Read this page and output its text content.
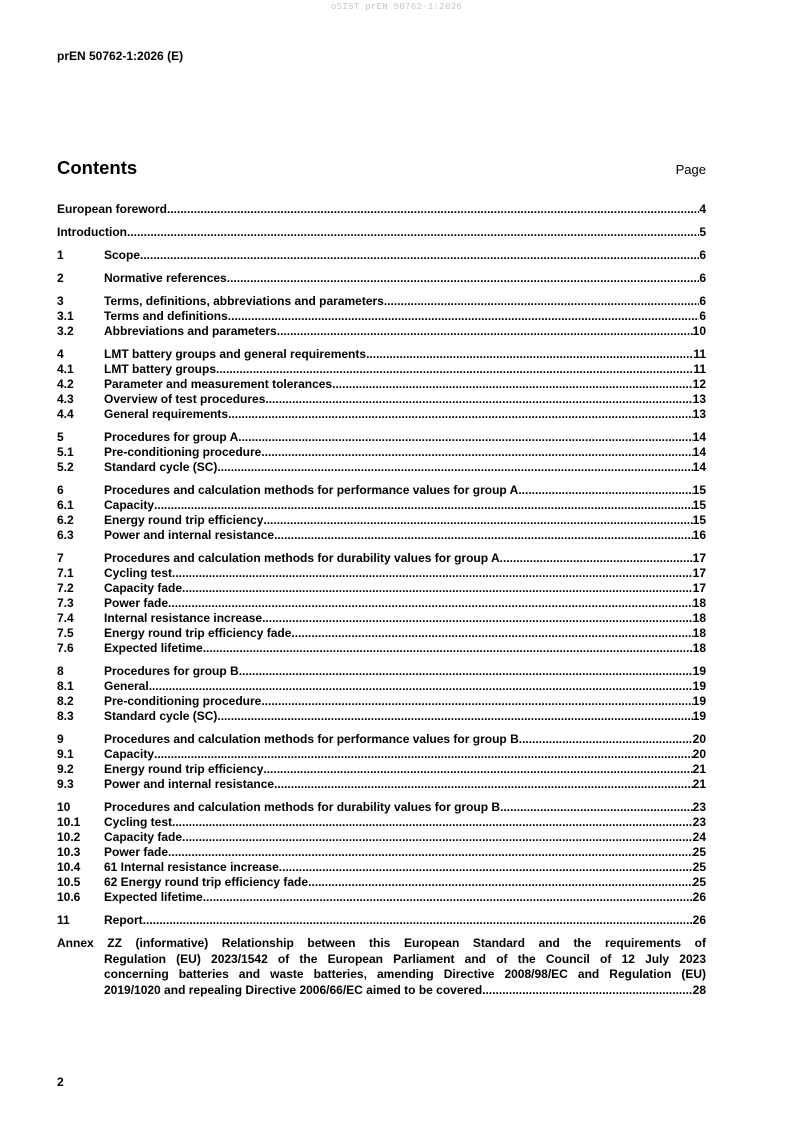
oSIST prEN 50762-1:2026
prEN 50762-1:2026 (E)
Contents	Page
European foreword .....	4
Introduction .....	5
1	Scope .....	6
2	Normative references .....	6
3	Terms, definitions, abbreviations and parameters .....	6
3.1	Terms and definitions .....	6
3.2	Abbreviations and parameters .....	10
4	LMT battery groups and general requirements .....	11
4.1	LMT battery groups .....	11
4.2	Parameter and measurement tolerances .....	12
4.3	Overview of test procedures .....	13
4.4	General requirements .....	13
5	Procedures for group A .....	14
5.1	Pre-conditioning procedure .....	14
5.2	Standard cycle (SC) .....	14
6	Procedures and calculation methods for performance values for group A .....	15
6.1	Capacity .....	15
6.2	Energy round trip efficiency .....	15
6.3	Power and internal resistance .....	16
7	Procedures and calculation methods for durability values for group A .....	17
7.1	Cycling test .....	17
7.2	Capacity fade .....	17
7.3	Power fade .....	18
7.4	Internal resistance increase .....	18
7.5	Energy round trip efficiency fade .....	18
7.6	Expected lifetime .....	18
8	Procedures for group B .....	19
8.1	General .....	19
8.2	Pre-conditioning procedure .....	19
8.3	Standard cycle (SC) .....	19
9	Procedures and calculation methods for performance values for group B .....	20
9.1	Capacity .....	20
9.2	Energy round trip efficiency .....	21
9.3	Power and internal resistance .....	21
10	Procedures and calculation methods for durability values for group B .....	23
10.1	Cycling test .....	23
10.2	Capacity fade .....	24
10.3	Power fade .....	25
10.4	61 Internal resistance increase .....	25
10.5	62 Energy round trip efficiency fade .....	25
10.6	Expected lifetime .....	26
11	Report .....	26
Annex ZZ (informative) Relationship between this European Standard and the requirements of
Regulation (EU) 2023/1542 of the European Parliament and of the Council of 12 July 2023
concerning batteries and waste batteries, amending Directive 2008/98/EC and Regulation (EU)
2019/1020 and repealing Directive 2006/66/EC aimed to be covered .....	28
2
